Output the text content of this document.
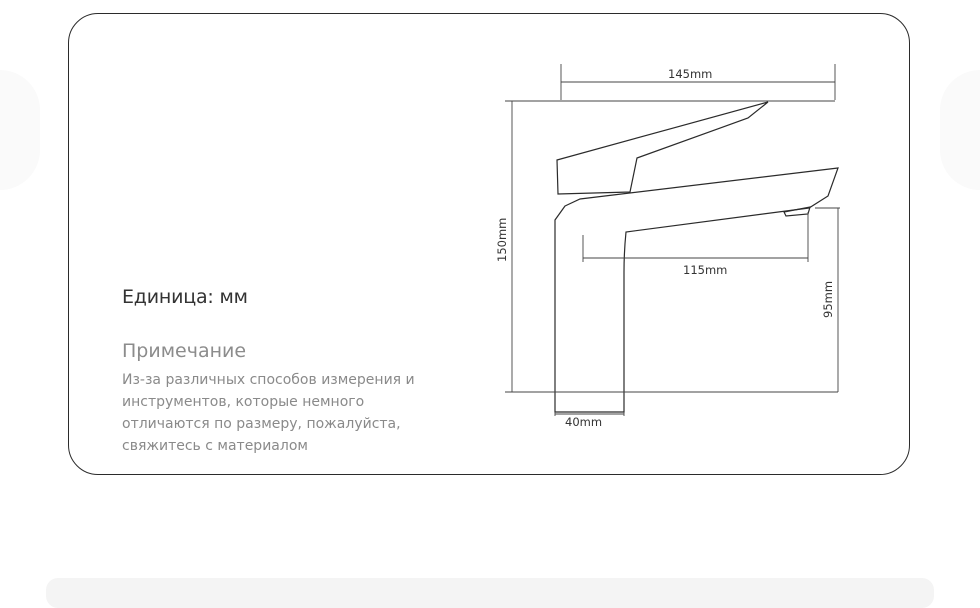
Единица: мм
Примечание
Из-за различных способов измерения и
инструментов, которые немного
отличаются по размеру, пожалуйста,
свяжитесь с материалом
145mm
150mm
115mm
95mm
40mm
